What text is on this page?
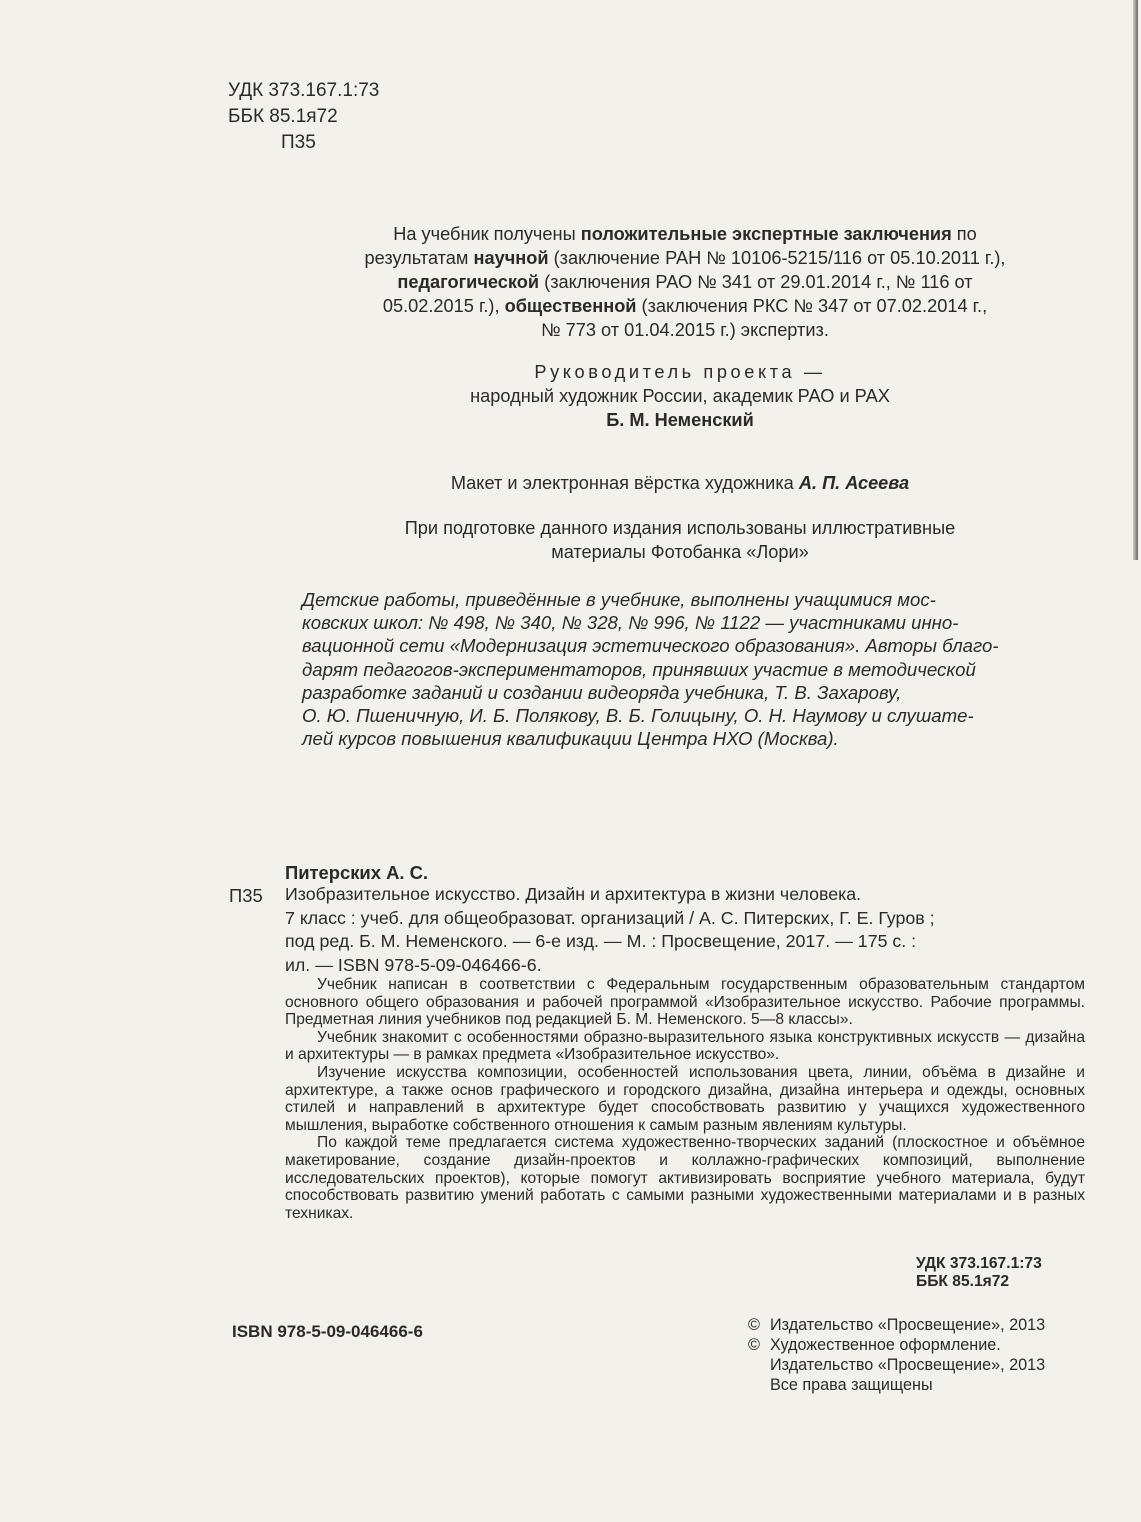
УДК 373.167.1:73
ББК 85.1я72
П35
На учебник получены положительные экспертные заключения по
результатам научной (заключение РАН № 10106-5215/116 от 05.10.2011 г.),
педагогической (заключения РАО № 341 от 29.01.2014 г., № 116 от
05.02.2015 г.), общественной (заключения РКС № 347 от 07.02.2014 г.,
№ 773 от 01.04.2015 г.) экспертиз.
Руководитель проекта —
народный художник России, академик РАО и РАХ
Б. М. Неменский
Макет и электронная вёрстка художника А. П. Асеева
При подготовке данного издания использованы иллюстративные
материалы Фотобанка «Лори»
Детские работы, приведённые в учебнике, выполнены учащимися мос-
ковских школ: № 498, № 340, № 328, № 996, № 1122 — участниками инно-
вационной сети «Модернизация эстетического образования». Авторы благо-
дарят педагогов-экспериментаторов, принявших участие в методической
разработке заданий и создании видеоряда учебника, Т. В. Захарову,
О. Ю. Пшеничную, И. Б. Полякову, В. Б. Голицыну, О. Н. Наумову и слушате-
лей курсов повышения квалификации Центра НХО (Москва).
Питерских А. С.
П35 Изобразительное искусство. Дизайн и архитектура в жизни человека.
7 класс : учеб. для общеобразоват. организаций / А. С. Питерских, Г. Е. Гуров ;
под ред. Б. М. Неменского. — 6-е изд. — М. : Просвещение, 2017. — 175 с. :
ил. — ISBN 978-5-09-046466-6.

Учебник написан в соответствии с Федеральным государственным образовательным стандартом основного общего образования и рабочей программой «Изобразительное искусство. Рабочие программы. Предметная линия учебников под редакцией Б. М. Неменского. 5—8 классы».

Учебник знакомит с особенностями образно-выразительного языка конструктивных искусств — дизайна и архитектуры — в рамках предмета «Изобразительное искусство».

Изучение искусства композиции, особенностей использования цвета, линии, объёма в дизайне и архитектуре, а также основ графического и городского дизайна, дизайна интерьера и одежды, основных стилей и направлений в архитектуре будет способствовать развитию у учащихся художественного мышления, выработке собственного отношения к самым разным явлениям культуры.

По каждой теме предлагается система художественно-творческих заданий (плоскостное и объёмное макетирование, создание дизайн-проектов и коллажно-графических композиций, выполнение исследовательских проектов), которые помогут активизировать восприятие учебного материала, будут способствовать развитию умений работать с самыми разными художественными материалами и в разных техниках.

УДК 373.167.1:73
ББК 85.1я72
ISBN 978-5-09-046466-6	© Издательство «Просвещение», 2013
© Художественное оформление.
Издательство «Просвещение», 2013
Все права защищены
